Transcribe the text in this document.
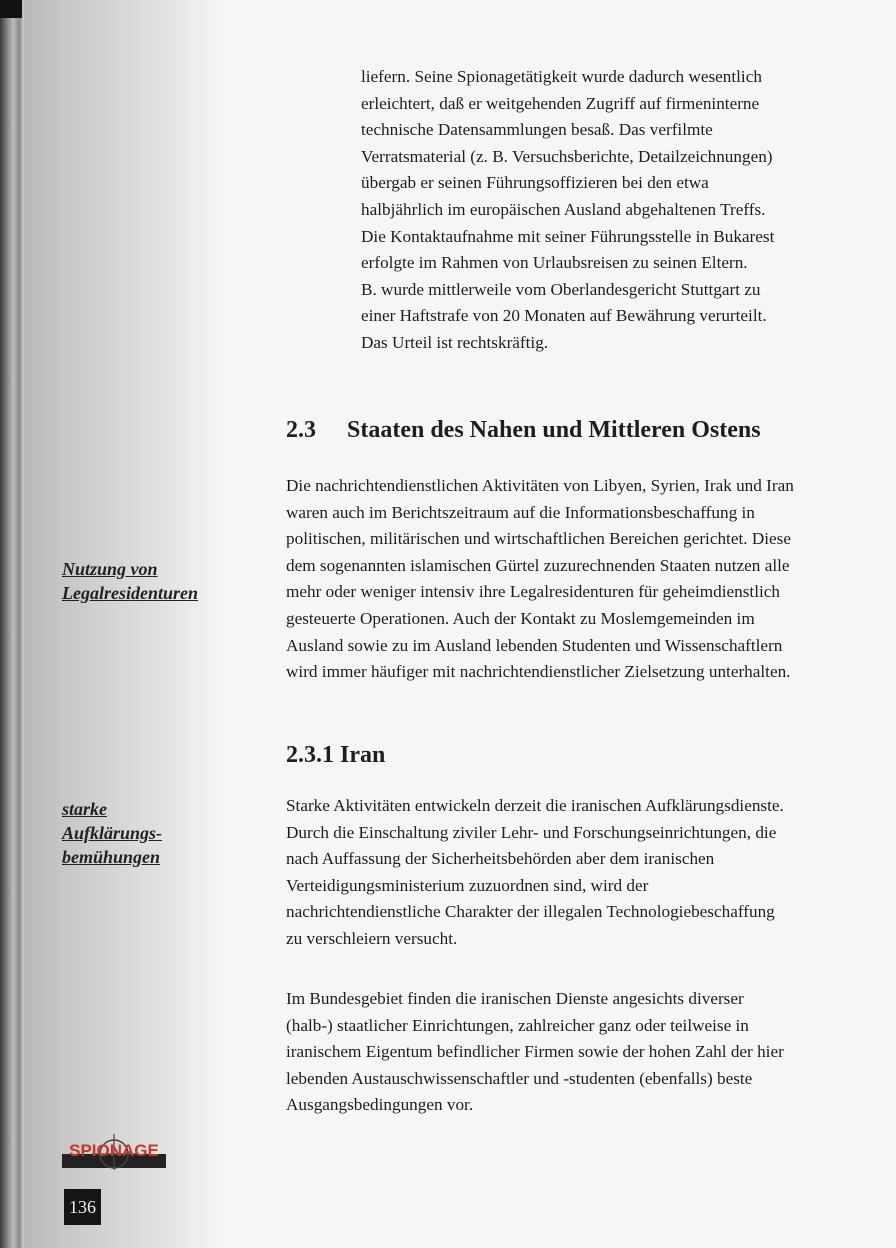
liefern. Seine Spionagetätigkeit wurde dadurch wesentlich erleichtert, daß er weitgehenden Zugriff auf firmeninterne technische Datensammlungen besaß. Das verfilmte Verratsmaterial (z. B. Versuchsberichte, Detailzeichnungen) übergab er seinen Führungsoffizieren bei den etwa halbjährlich im europäischen Ausland abgehaltenen Treffs. Die Kontaktaufnahme mit seiner Führungsstelle in Bukarest erfolgte im Rahmen von Urlaubsreisen zu seinen Eltern.

B. wurde mittlerweile vom Oberlandesgericht Stuttgart zu einer Haftstrafe von 20 Monaten auf Bewährung verurteilt. Das Urteil ist rechtskräftig.

2.3 Staaten des Nahen und Mittleren Ostens

Die nachrichtendienstlichen Aktivitäten von Libyen, Syrien, Irak und Iran waren auch im Berichtszeitraum auf die Informationsbeschaffung in politischen, militärischen und wirtschaftlichen Bereichen gerichtet. Diese dem sogenannten islamischen Gürtel zuzurechnenden Staaten nutzen alle mehr oder weniger intensiv ihre Legalresidenturen für geheimdienstlich gesteuerte Operationen. Auch der Kontakt zu Moslemgemeinden im Ausland sowie zu im Ausland lebenden Studenten und Wissenschaftlern wird immer häufiger mit nachrichtendienstlicher Zielsetzung unterhalten.

2.3.1 Iran

Starke Aktivitäten entwickeln derzeit die iranischen Aufklärungsdienste. Durch die Einschaltung ziviler Lehr- und Forschungseinrichtungen, die nach Auffassung der Sicherheitsbehörden aber dem iranischen Verteidigungsministerium zuzuordnen sind, wird der nachrichtendienstliche Charakter der illegalen Technologiebeschaffung zu verschleiern versucht.

Im Bundesgebiet finden die iranischen Dienste angesichts diverser (halb-) staatlicher Einrichtungen, zahlreicher ganz oder teilweise in iranischem Eigentum befindlicher Firmen sowie der hohen Zahl der hier lebenden Austauschwissenschaftler und -studenten (ebenfalls) beste Ausgangsbedingungen vor.

Nutzung von
Legalresidenturen
starke
Aufklärungs-
bemühungen
SPIONAGE
136
